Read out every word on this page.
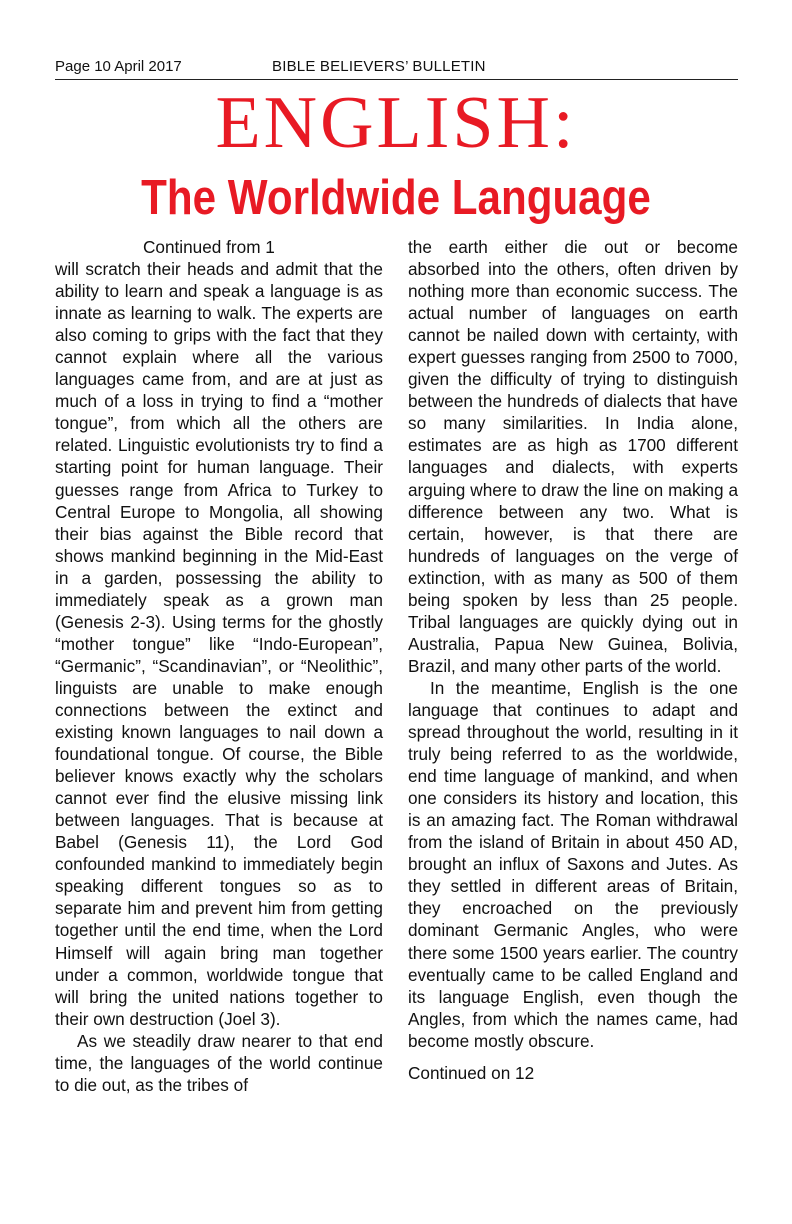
Page 10 April 2017	BIBLE BELIEVERS’ BULLETIN
ENGLISH:
The Worldwide Language

Continued from 1

will scratch their heads and admit that the ability to learn and speak a language is as innate as learning to walk. The experts are also coming to grips with the fact that they cannot explain where all the various languages came from, and are at just as much of a loss in trying to find a “mother tongue”, from which all the others are related. Linguistic evolutionists try to find a starting point for human language. Their guesses range from Africa to Turkey to Central Europe to Mongolia, all showing their bias against the Bible record that shows mankind beginning in the Mid-East in a garden, possessing the ability to immediately speak as a grown man (Genesis 2-3). Using terms for the ghostly “mother tongue” like “Indo-European”, “Germanic”, “Scandinavian”, or “Neolithic”, linguists are unable to make enough connections between the extinct and existing known languages to nail down a foundational tongue. Of course, the Bible believer knows exactly why the scholars cannot ever find the elusive missing link between languages. That is because at Babel (Genesis 11), the Lord God confounded mankind to immediately begin speaking different tongues so as to separate him and prevent him from getting together until the end time, when the Lord Himself will again bring man together under a common, worldwide tongue that will bring the united nations together to their own destruction (Joel 3).

As we steadily draw nearer to that end time, the languages of the world continue to die out, as the tribes of

the earth either die out or become absorbed into the others, often driven by nothing more than economic success. The actual number of languages on earth cannot be nailed down with certainty, with expert guesses ranging from 2500 to 7000, given the difficulty of trying to distinguish between the hundreds of dialects that have so many similarities. In India alone, estimates are as high as 1700 different languages and dialects, with experts arguing where to draw the line on making a difference between any two. What is certain, however, is that there are hundreds of languages on the verge of extinction, with as many as 500 of them being spoken by less than 25 people. Tribal languages are quickly dying out in Australia, Papua New Guinea, Bolivia, Brazil, and many other parts of the world.

In the meantime, English is the one language that continues to adapt and spread throughout the world, resulting in it truly being referred to as the worldwide, end time language of mankind, and when one considers its history and location, this is an amazing fact. The Roman withdrawal from the island of Britain in about 450 AD, brought an influx of Saxons and Jutes. As they settled in different areas of Britain, they encroached on the previously dominant Germanic Angles, who were there some 1500 years earlier. The country eventually came to be called England and its language English, even though the Angles, from which the names came, had become mostly obscure.

Continued on 12
